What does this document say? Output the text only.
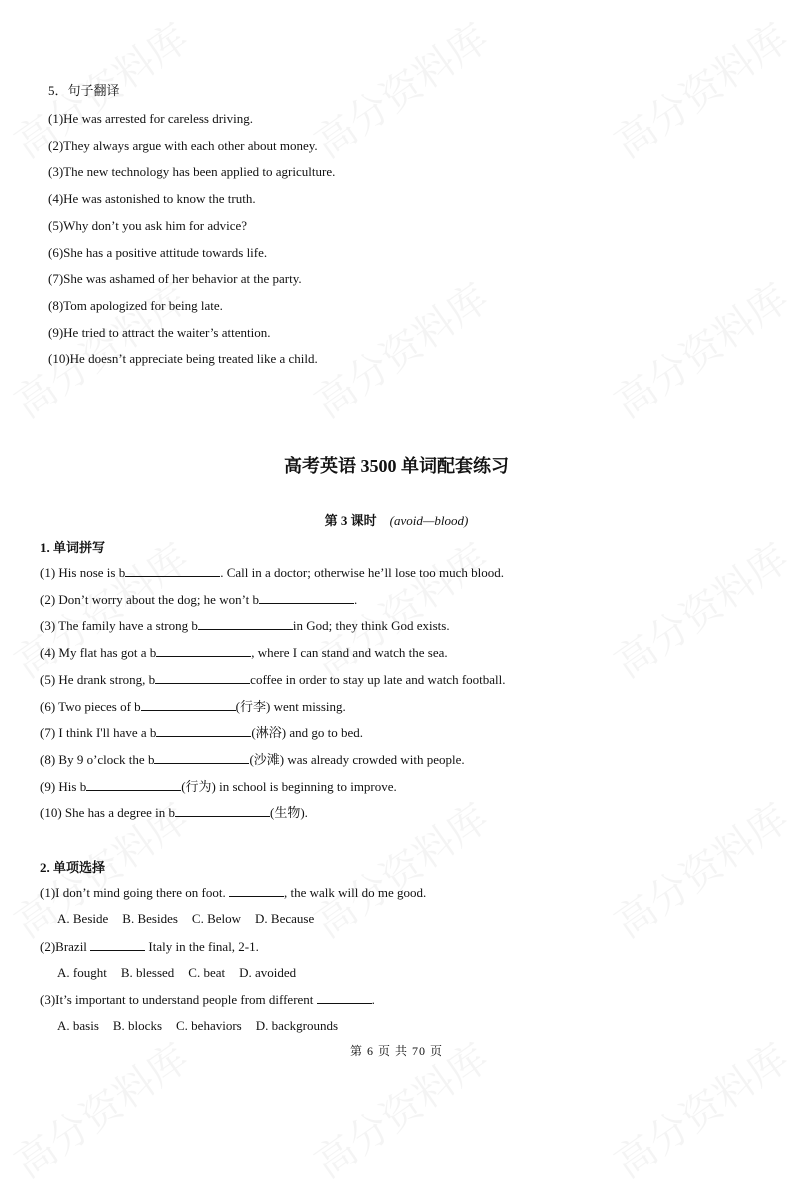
5．句子翻译
(1)He was arrested for careless driving.
(2)They always argue with each other about money.
(3)The new technology has been applied to agriculture.
(4)He was astonished to know the truth.
(5)Why don’t you ask him for advice?
(6)She has a positive attitude towards life.
(7)She was ashamed of her behavior at the party.
(8)Tom apologized for being late.
(9)He tried to attract the waiter’s attention.
(10)He doesn’t appreciate being treated like a child.
高考英语 3500 单词配套练习
第 3 课时 (avoid—blood)
1. 单词拼写
(1) His nose is b	. Call in a doctor; otherwise he’ll lose too much blood.
(2) Don’t worry about the dog; he won’t b	.
(3) The family have a strong b	in God; they think God exists.
(4) My flat has got a b	, where I can stand and watch the sea.
(5) He drank strong, b	coffee in order to stay up late and watch football.
(6) Two pieces of b	(行李) went missing.
(7) I think I'll have a b	(淋浴) and go to bed.
(8) By 9 o’clock the b	(沙滩) was already crowded with people.
(9) His b	(行为) in school is beginning to improve.
(10) She has a degree in b	(生物).
2. 单项选择
(1)I don’t mind going there on foot.	, the walk will do me good.
A. Beside B. Besides C. Below D. Because
(2)Brazil	Italy in the final, 2-1.
A. fought B. blessed C. beat D. avoided
(3)It’s important to understand people from different	.
A. basis B. blocks C. behaviors D. backgrounds
第 6 页 共 70 页
